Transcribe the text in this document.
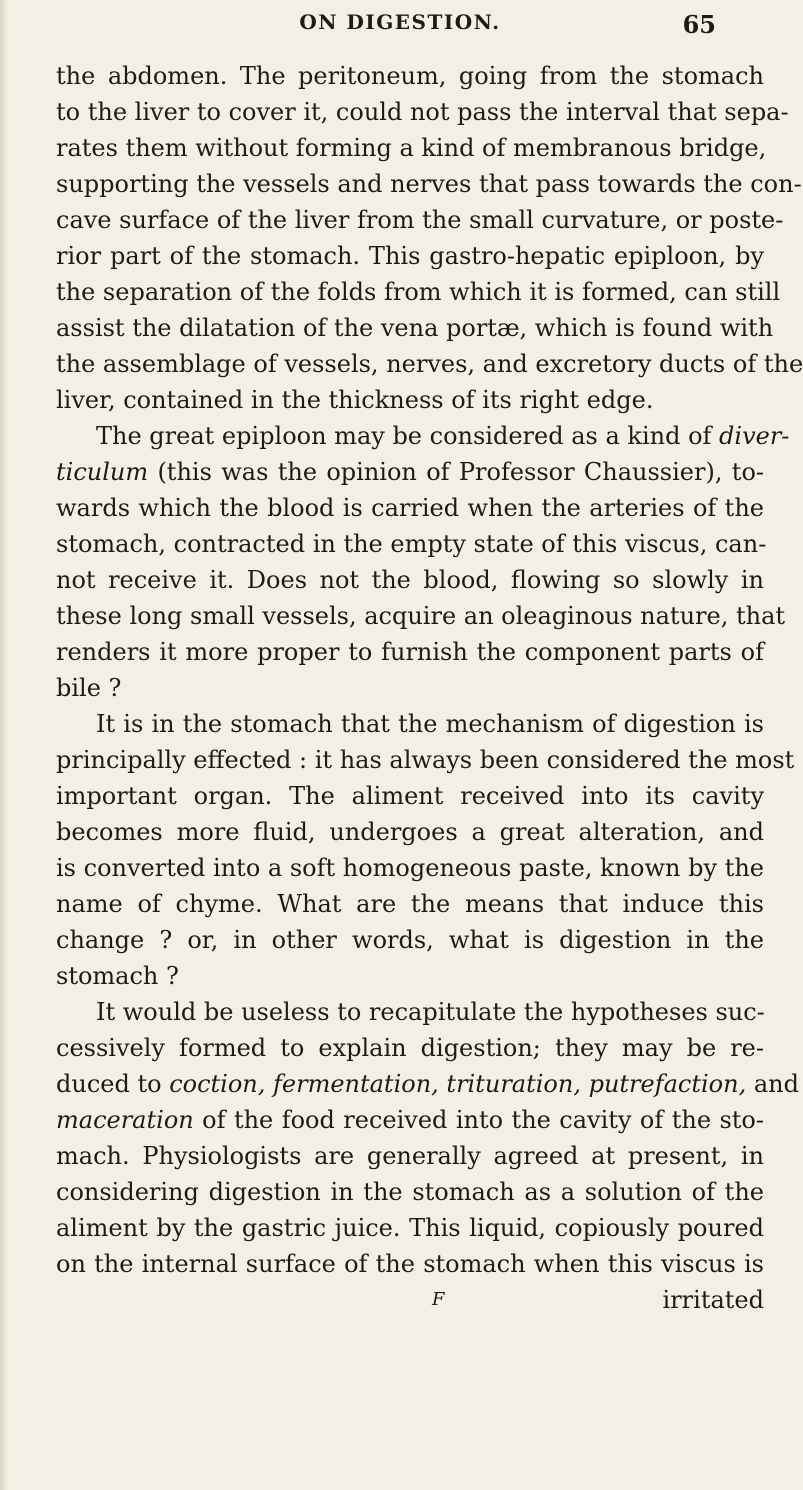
ON DIGESTION.	65
the abdomen. The peritoneum, going from the stomach
to the liver to cover it, could not pass the interval that sepa-
rates them without forming a kind of membranous bridge,
supporting the vessels and nerves that pass towards the con-
cave surface of the liver from the small curvature, or poste-
rior part of the stomach. This gastro-hepatic epiploon, by
the separation of the folds from which it is formed, can still
assist the dilatation of the vena portæ, which is found with
the assemblage of vessels, nerves, and excretory ducts of the
liver, contained in the thickness of its right edge.
The great epiploon may be considered as a kind of diver-
ticulum (this was the opinion of Professor Chaussier), to-
wards which the blood is carried when the arteries of the
stomach, contracted in the empty state of this viscus, can-
not receive it. Does not the blood, flowing so slowly in
these long small vessels, acquire an oleaginous nature, that
renders it more proper to furnish the component parts of
bile ?
It is in the stomach that the mechanism of digestion is
principally effected : it has always been considered the most
important organ. The aliment received into its cavity
becomes more fluid, undergoes a great alteration, and
is converted into a soft homogeneous paste, known by the
name of chyme. What are the means that induce this
change ? or, in other words, what is digestion in the
stomach ?
It would be useless to recapitulate the hypotheses suc-
cessively formed to explain digestion; they may be re-
duced to coction, fermentation, trituration, putrefaction, and
maceration of the food received into the cavity of the sto-
mach. Physiologists are generally agreed at present, in
considering digestion in the stomach as a solution of the
aliment by the gastric juice. This liquid, copiously poured
on the internal surface of the stomach when this viscus is
F	irritated
